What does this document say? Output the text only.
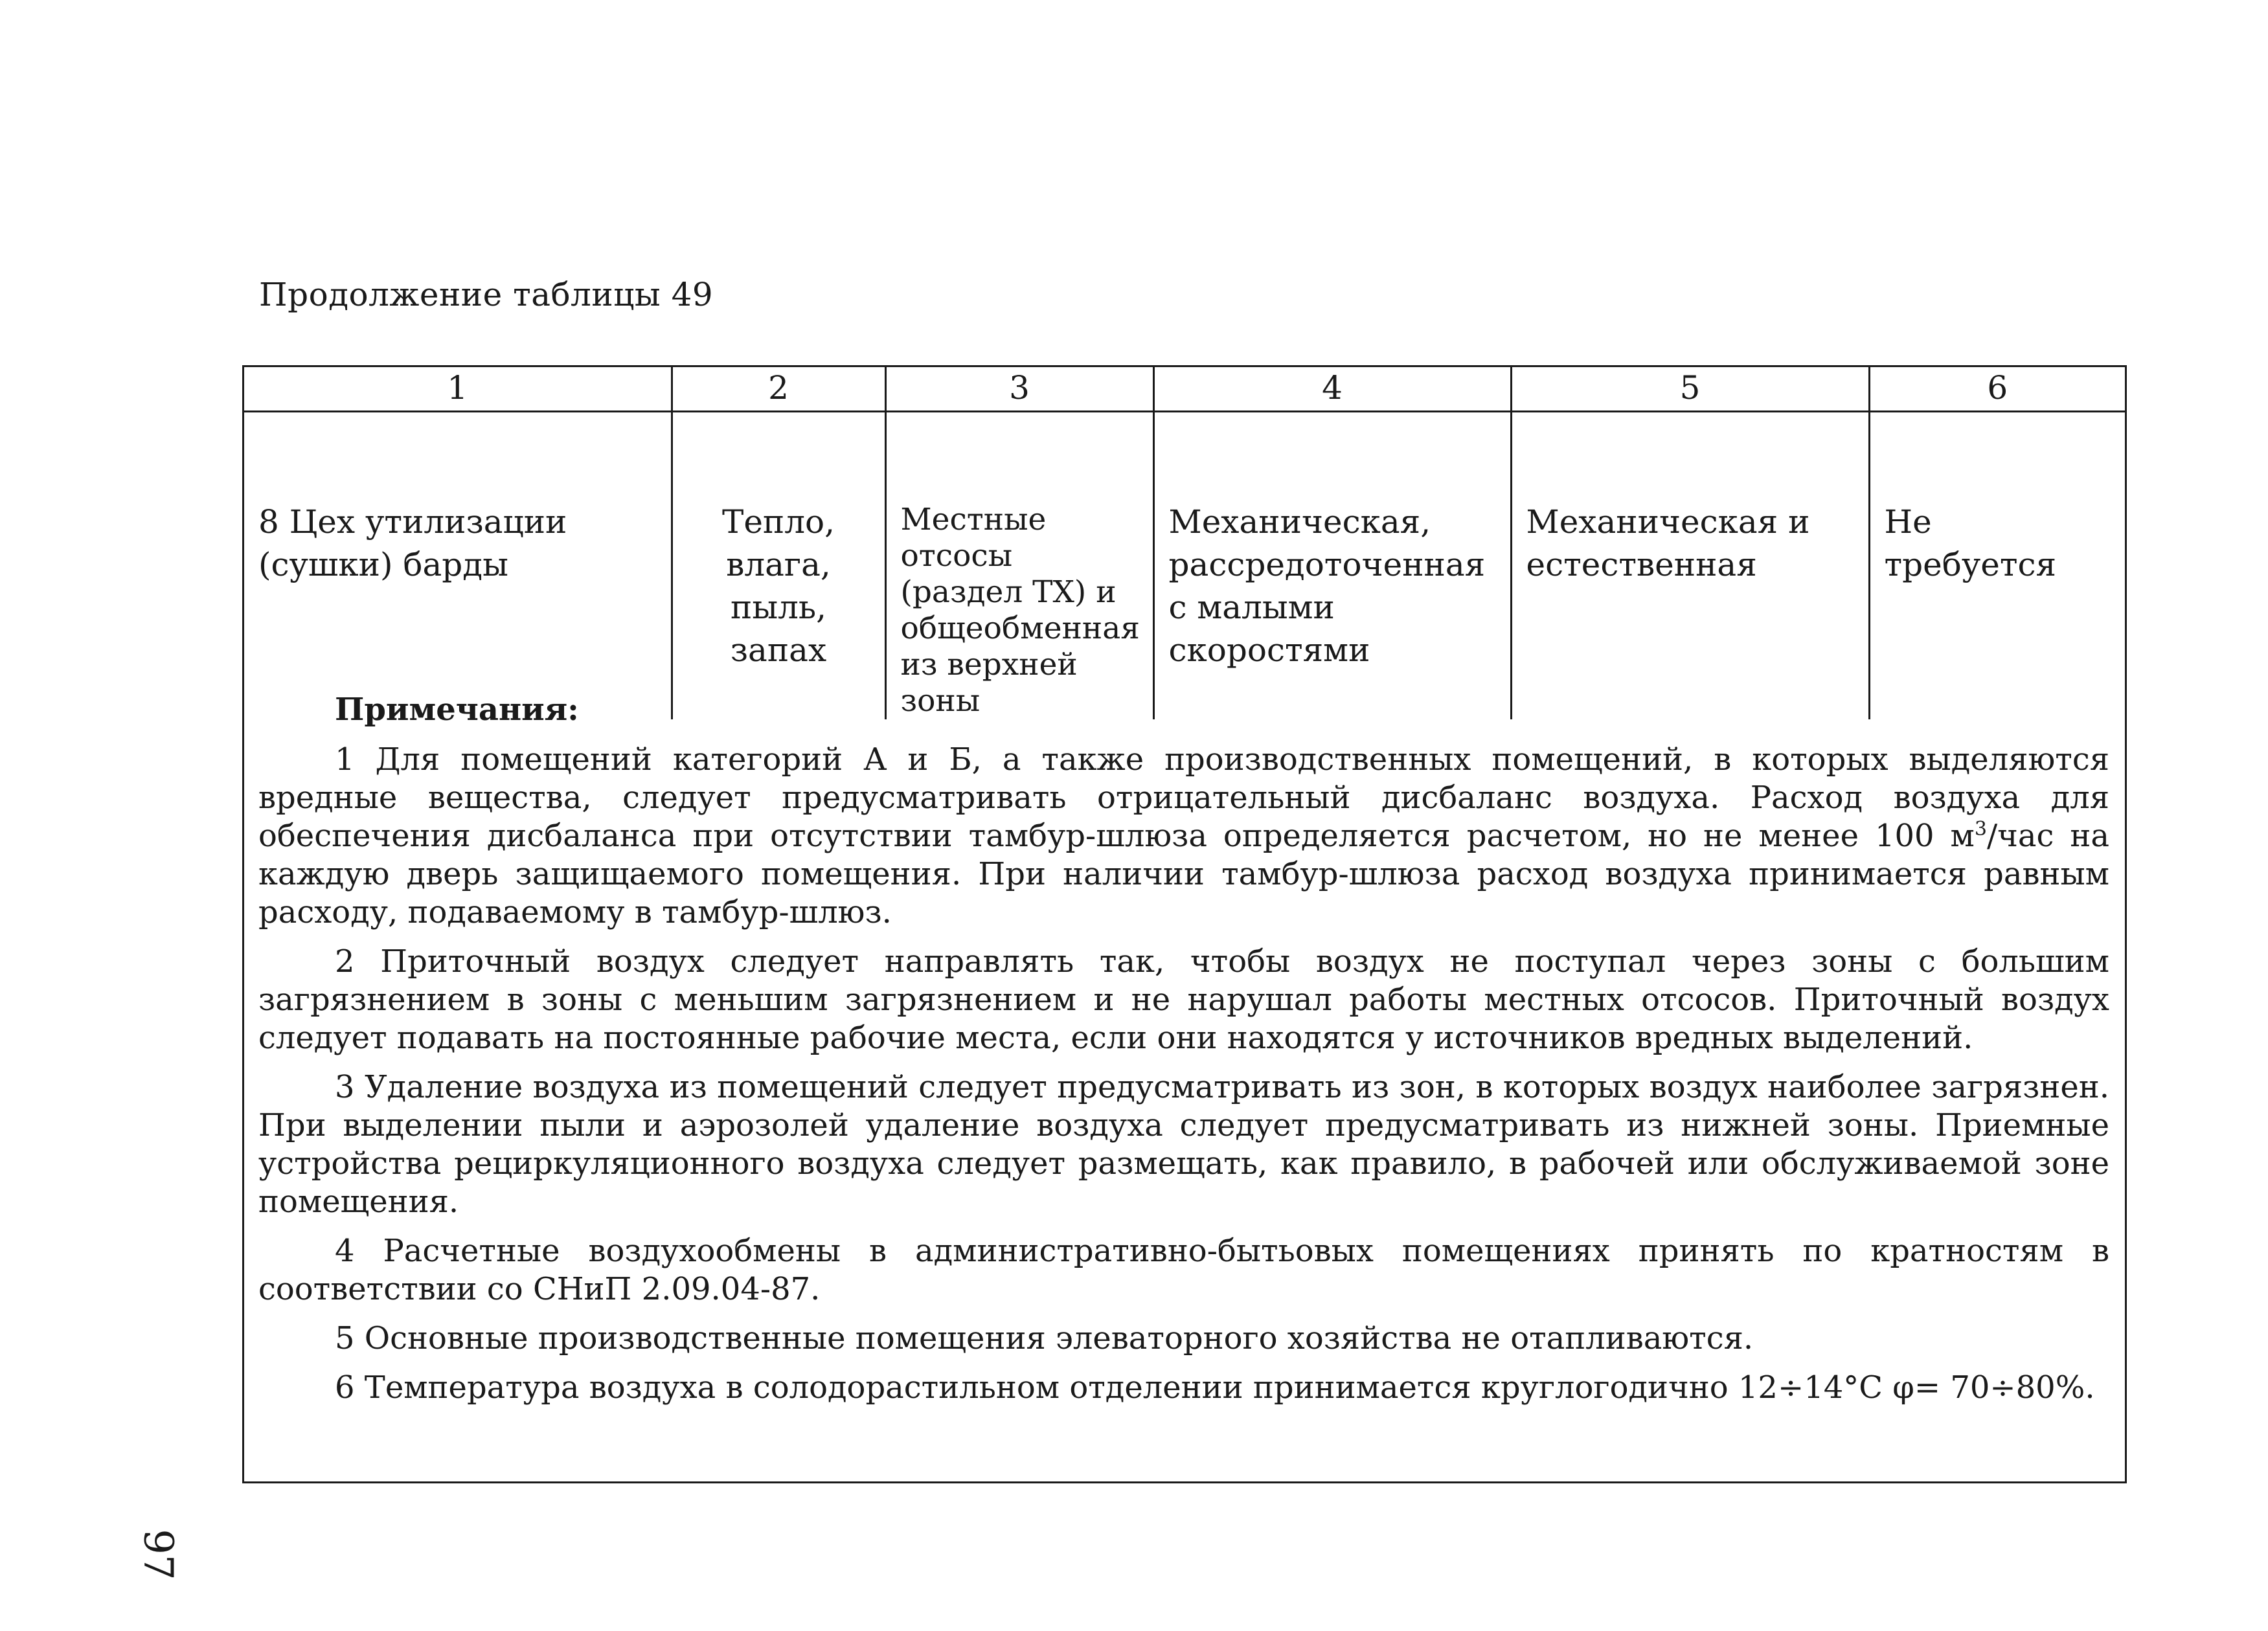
Продолжение таблицы 49
1	2	3	4	5	6
8 Цех утилизации (сушки) барды	Тепло, влага, пыль, запах	Местные отсосы (раздел ТХ) и общеобменная из верхней зоны	Механическая, рассредоточенная с малыми скоростями	Механическая и естественная	Не требуется
Примечания:

1 Для помещений категорий А и Б, а также производственных помещений, в которых выделяются вредные вещества, следует предусматривать отрицательный дисбаланс воздуха. Расход воздуха для обеспечения дисбаланса при отсутствии тамбур-шлюза определяется расчетом, но не менее 100 $м^3$/час на каждую дверь защищаемого помещения. При наличии тамбур-шлюза расход воздуха принимается равным расходу, подаваемому в тамбур-шлюз.

2 Приточный воздух следует направлять так, чтобы воздух не поступал через зоны с большим загрязнением в зоны с меньшим загрязнением и не нарушал работы местных отсосов. Приточный воздух следует подавать на постоянные рабочие места, если они находятся у источников вредных выделений.

3 Удаление воздуха из помещений следует предусматривать из зон, в которых воздух наиболее загрязнен. При выделении пыли и аэрозолей удаление воздуха следует предусматривать из нижней зоны. Приемные устройства рециркуляционного воздуха следует размещать, как правило, в рабочей или обслуживаемой зоне помещения.

4 Расчетные воздухообмены в административно-бытьовых помещениях принять по кратностям в соответствии со СНиП 2.09.04-87.

5 Основные производственные помещения элеваторного хозяйства не отапливаются.

6 Температура воздуха в солодорастильном отделении принимается круглогодично 12÷14°С φ= 70÷80%.

97
